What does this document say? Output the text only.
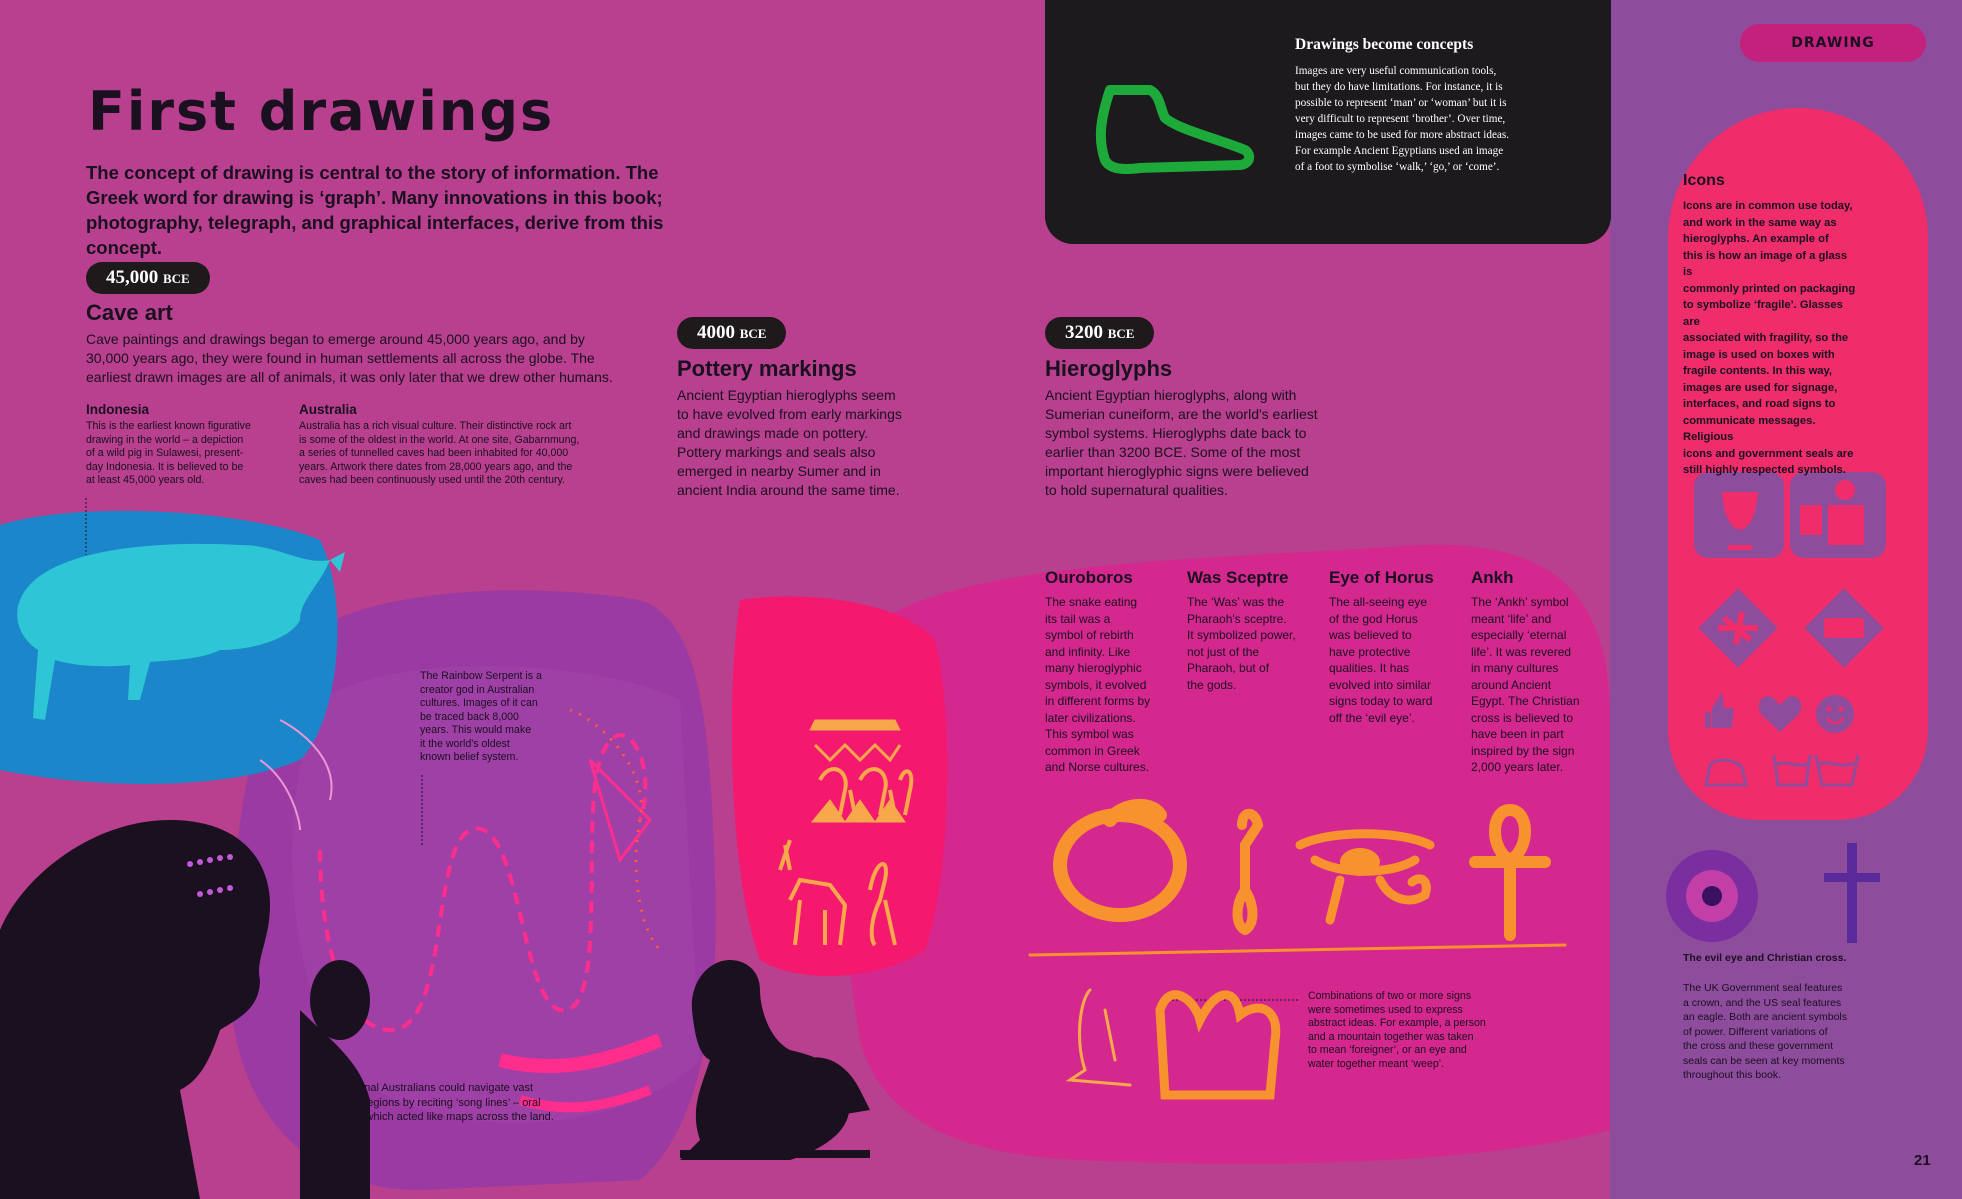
Drawings become concepts
Images are very useful communication tools,
but they do have limitations. For instance, it is
possible to represent ‘man’ or ‘woman’ but it is
very difficult to represent ‘brother’. Over time,
images came to be used for more abstract ideas.
For example Ancient Egyptians used an image
of a foot to symbolise ‘walk,’ ‘go,’ or ‘come’.
First drawings
The concept of drawing is central to the story of information. The Greek word for drawing is ‘graph’. Many innovations in this book; photography, telegraph, and graphical interfaces, derive from this concept.
45,000 BCE
Cave art
Cave paintings and drawings began to emerge around 45,000 years ago, and by
30,000 years ago, they were found in human settlements all across the globe. The
earliest drawn images are all of animals, it was only later that we drew other humans.
Indonesia
This is the earliest known figurative
drawing in the world – a depiction
of a wild pig in Sulawesi, present-
day Indonesia. It is believed to be
at least 45,000 years old.
Australia
Australia has a rich visual culture. Their distinctive rock art
is some of the oldest in the world. At one site, Gabarnmung,
a series of tunnelled caves had been inhabited for 40,000
years. Artwork there dates from 28,000 years ago, and the
caves had been continuously used until the 20th century.
The Rainbow Serpent is a
creator god in Australian
cultures. Images of it can
be traced back 8,000
years. This would make
it the world's oldest
known belief system.
Aboriginal Australians could navigate vast
desert regions by reciting ‘song lines’ – oral
chants which acted like maps across the land.
4000 BCE
Pottery markings
Ancient Egyptian hieroglyphs seem
to have evolved from early markings
and drawings made on pottery.
Pottery markings and seals also
emerged in nearby Sumer and in
ancient India around the same time.
3200 BCE
Hieroglyphs
Ancient Egyptian hieroglyphs, along with
Sumerian cuneiform, are the world's earliest
symbol systems. Hieroglyphs date back to
earlier than 3200 BCE. Some of the most
important hieroglyphic signs were believed
to hold supernatural qualities.
Ouroboros
The snake eating
its tail was a
symbol of rebirth
and infinity. Like
many hieroglyphic
symbols, it evolved
in different forms by
later civilizations.
This symbol was
common in Greek
and Norse cultures.
Was Sceptre
The ‘Was’ was the
Pharaoh's sceptre.
It symbolized power,
not just of the
Pharaoh, but of
the gods.
Eye of Horus
The all-seeing eye
of the god Horus
was believed to
have protective
qualities. It has
evolved into similar
signs today to ward
off the ‘evil eye’.
Ankh
The ‘Ankh’ symbol
meant ‘life’ and
especially ‘eternal
life’. It was revered
in many cultures
around Ancient
Egypt. The Christian
cross is believed to
have been in part
inspired by the sign
2,000 years later.
Combinations of two or more signs
were sometimes used to express
abstract ideas. For example, a person
and a mountain together was taken
to mean ‘foreigner’, or an eye and
water together meant ‘weep’.
DRAWING
Icons
Icons are in common use today,
and work in the same way as
hieroglyphs. An example of
this is how an image of a glass is
commonly printed on packaging
to symbolize ‘fragile’. Glasses are
associated with fragility, so the
image is used on boxes with
fragile contents. In this way,
images are used for signage,
interfaces, and road signs to
communicate messages. Religious
icons and government seals are
still highly respected symbols.
The evil eye and Christian cross.
The UK Government seal features
a crown, and the US seal features
an eagle. Both are ancient symbols
of power. Different variations of
the cross and these government
seals can be seen at key moments
throughout this book.
21
